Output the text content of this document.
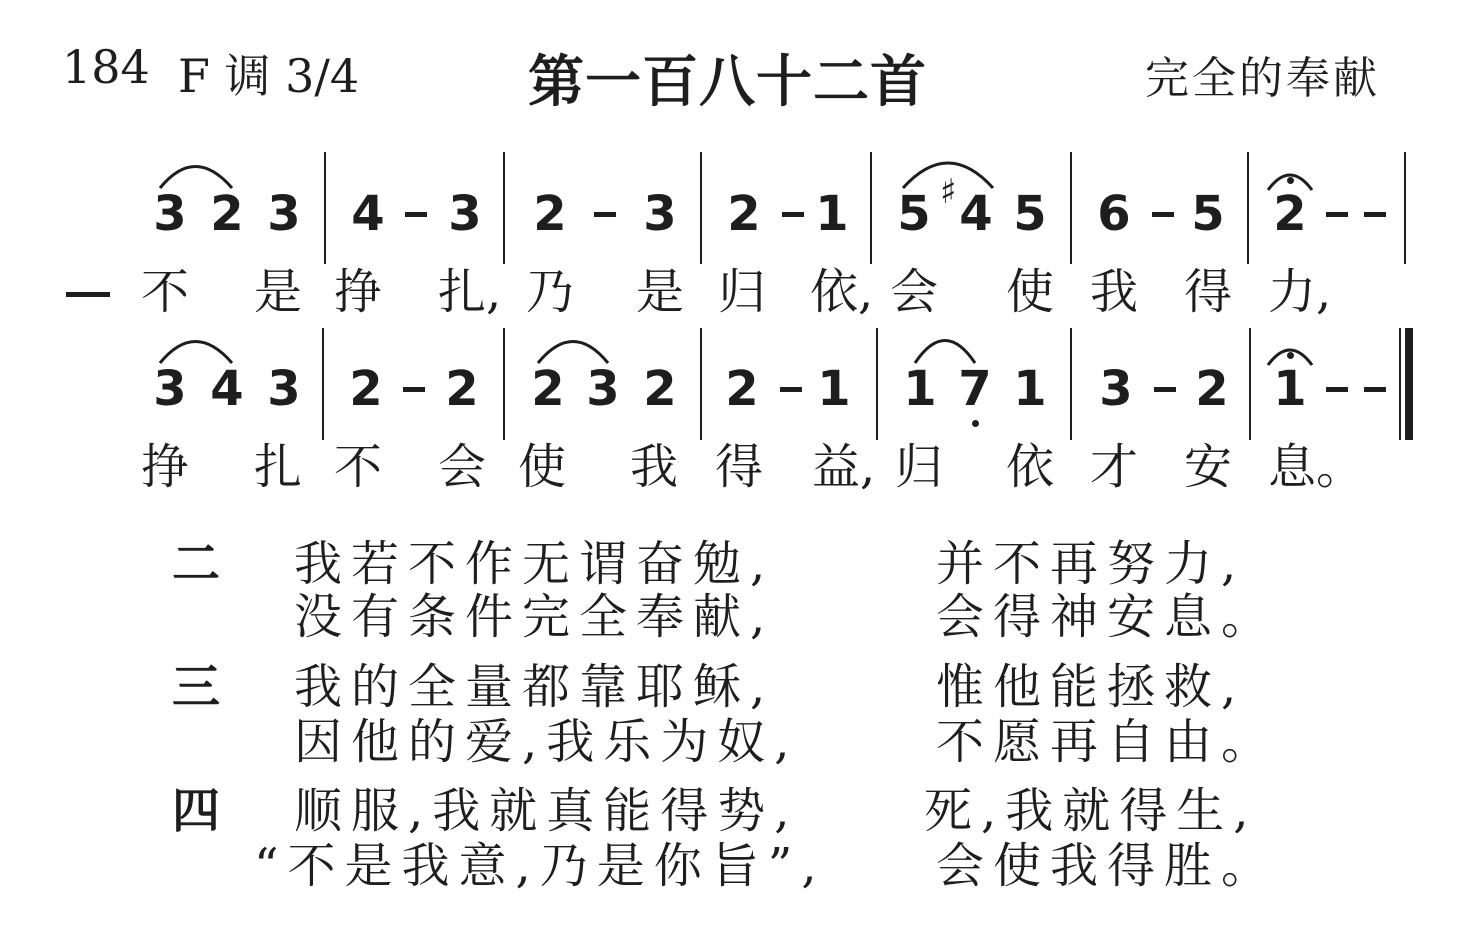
184 F 调 3/4	第一百八十二首	完全的奉献
3 2 3 4 3 2 3 2 1 5 ♯ 4 5 6 5 2
不 是 挣 扎, 乃 是 归 依, 会 使 我 得 力,
3 4 3 2 2 2 3 2 2 1 1 7 1 3 2 1
挣 扎 不 会 使 我 得 益, 归 依 才 安 息。
二 我若不作无谓奋勉,	并不再努力,
没有条件完全奉献,	会得神安息。
三 我的全量都靠耶稣,	惟他能拯救,
因他的爱,我乐为奴,	不愿再自由。
四 顺服,我就真能得势,	死,我就得生,
“不是我意,乃是你旨”, 会使我得胜。
